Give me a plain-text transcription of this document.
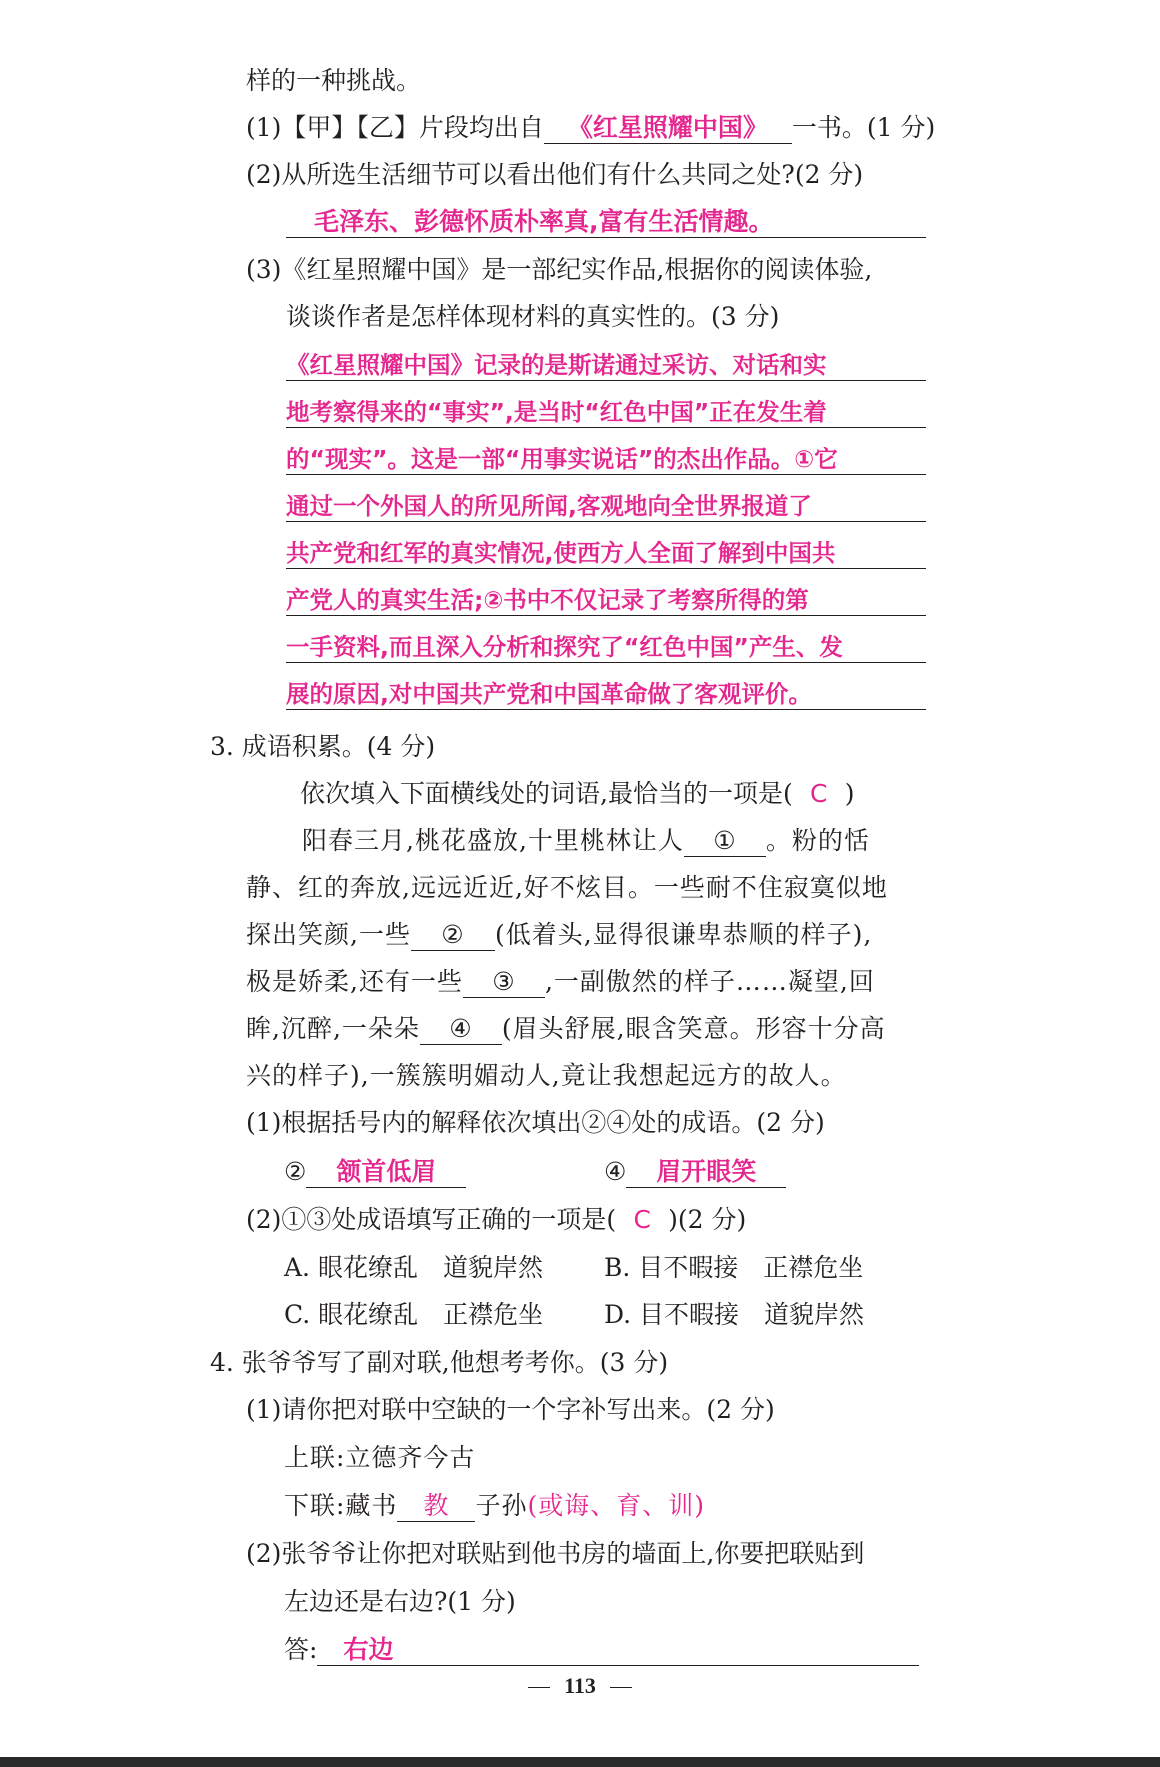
样的一种挑战。
(1)【甲】【乙】片段均出自 《红星照耀中国》 一书。(1 分)
(2)从所选生活细节可以看出他们有什么共同之处?(2 分)
毛泽东、彭德怀质朴率真,富有生活情趣。
(3)《红星照耀中国》是一部纪实作品,根据你的阅读体验,
谈谈作者是怎样体现材料的真实性的。(3 分)
《红星照耀中国》记录的是斯诺通过采访、对话和实
地考察得来的“事实”,是当时“红色中国”正在发生着
的“现实”。这是一部“用事实说话”的杰出作品。①它
通过一个外国人的所见所闻,客观地向全世界报道了
共产党和红军的真实情况,使西方人全面了解到中国共
产党人的真实生活;②书中不仅记录了考察所得的第
一手资料,而且深入分析和探究了“红色中国”产生、发
展的原因,对中国共产党和中国革命做了客观评价。
3. 成语积累。(4 分)
依次填入下面横线处的词语,最恰当的一项是( C )
阳春三月,桃花盛放,十里桃林让人 ① 。粉的恬
静、红的奔放,远远近近,好不炫目。一些耐不住寂寞似地
探出笑颜,一些 ② (低着头,显得很谦卑恭顺的样子),
极是娇柔,还有一些 ③ ,一副傲然的样子……凝望,回
眸,沉醉,一朵朵 ④ (眉头舒展,眼含笑意。形容十分高
兴的样子),一簇簇明媚动人,竟让我想起远方的故人。
(1)根据括号内的解释依次填出②④处的成语。(2 分)
② 颔首低眉	④ 眉开眼笑
(2)①③处成语填写正确的一项是( C )(2 分)
A. 眼花缭乱　道貌岸然 B. 目不暇接　正襟危坐
C. 眼花缭乱　正襟危坐 D. 目不暇接　道貌岸然
4. 张爷爷写了副对联,他想考考你。(3 分)
(1)请你把对联中空缺的一个字补写出来。(2 分)
上联:立德齐今古
下联:藏书 教 子孙(或诲、育、训)
(2)张爷爷让你把对联贴到他书房的墙面上,你要把联贴到
左边还是右边?(1 分)
答: 右边
113
